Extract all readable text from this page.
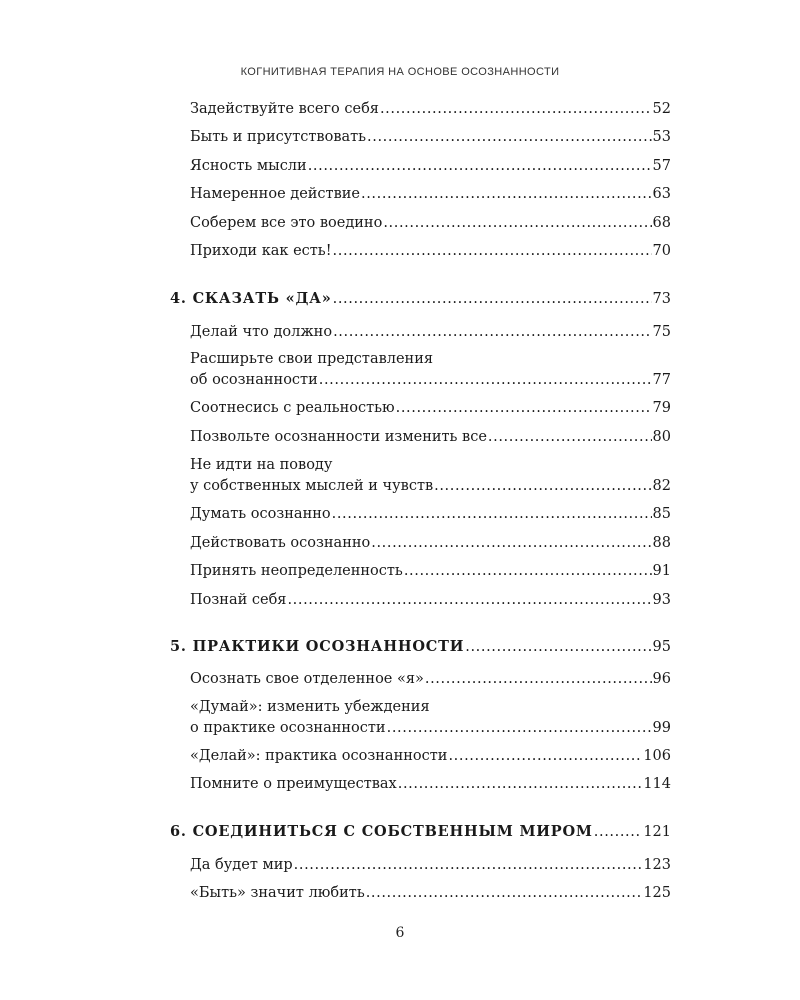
КОГНИТИВНАЯ ТЕРАПИЯ НА ОСНОВЕ ОСОЗНАННОСТИ
Задействуйте всего себя .....	52
Быть и присутствовать .....	53
Ясность мысли .....	57
Намеренное действие .....	63
Соберем все это воедино .....	68
Приходи как есть! .....	70
4. СКАЗАТЬ «ДА» .....	73
Делай что должно .....	75
Расширьте свои представления
об осознанности .....	77
Соотнесись с реальностью .....	79
Позвольте осознанности изменить все .....	80
Не идти на поводу
у собственных мыслей и чувств .....	82
Думать осознанно .....	85
Действовать осознанно .....	88
Принять неопределенность .....	91
Познай себя .....	93
5. ПРАКТИКИ ОСОЗНАННОСТИ .....	95
Осознать свое отделенное «я» .....	96
«Думай»: изменить убеждения
о практике осознанности .....	99
«Делай»: практика осознанности .....	106
Помните о преимуществах .....	114
6. СОЕДИНИТЬСЯ С СОБСТВЕННЫМ МИРОМ .....	121
Да будет мир .....	123
«Быть» значит любить .....	125
6
